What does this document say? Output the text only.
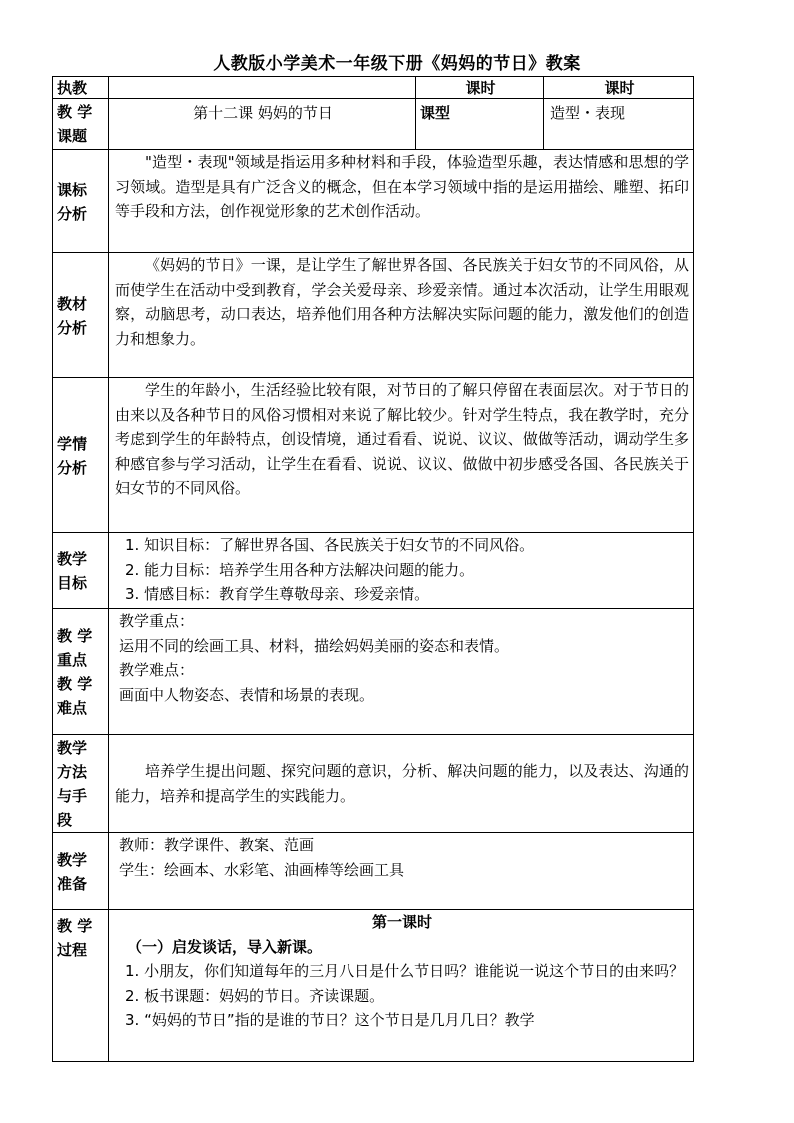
人教版小学美术一年级下册《妈妈的节日》教案
执教		课时	课时
教 学 课题	第十二课 妈妈的节日	课型	造型・表现
课标 分析	"造型・表现"领域是指运用多种材料和手段，体验造型乐趣，表达情感和思想的学习领域。造型是具有广泛含义的概念，但在本学习领域中指的是运用描绘、雕塑、拓印等手段和方法，创作视觉形象的艺术创作活动。		

教材 分析	《妈妈的节日》一课，是让学生了解世界各国、各民族关于妇女节的不同风俗，从而使学生在活动中受到教育，学会关爱母亲、珍爱亲情。通过本次活动，让学生用眼观察，动脑思考，动口表达，培养他们用各种方法解决实际问题的能力，激发他们的创造力和想象力。		

学情 分析	学生的年龄小，生活经验比较有限，对节日的了解只停留在表面层次。对于节日的由来以及各种节日的风俗习惯相对来说了解比较少。针对学生特点，我在教学时，充分考虑到学生的年龄特点，创设情境，通过看看、说说、议议、做做等活动，调动学生多种感官参与学习活动，让学生在看看、说说、议议、做做中初步感受各国、各民族关于妇女节的不同风俗。		

教学 目标	1. 知识目标：了解世界各国、各民族关于妇女节的不同风俗。

2. 能力目标：培养学生用各种方法解决问题的能力。

3. 情感目标：教育学生尊敬母亲、珍爱亲情。		

教 学 重点 教 学 难点	教学重点：

运用不同的绘画工具、材料，描绘妈妈美丽的姿态和表情。

教学难点：

画面中人物姿态、表情和场景的表现。		

教学 方法 与手 段	培养学生提出问题、探究问题的意识，分析、解决问题的能力，以及表达、沟通的能力，培养和提高学生的实践能力。		

教学 准备	教师：教学课件、教案、范画

学生：绘画本、水彩笔、油画棒等绘画工具		

教 学 过程	第一课时

（一）启发谈话，导入新课。

1. 小朋友，你们知道每年的三月八日是什么节日吗？谁能说一说这个节日的由来吗？

2. 板书课题：妈妈的节日。齐读课题。

3. “妈妈的节日”指的是谁的节日？这个节日是几月几日？教学		
